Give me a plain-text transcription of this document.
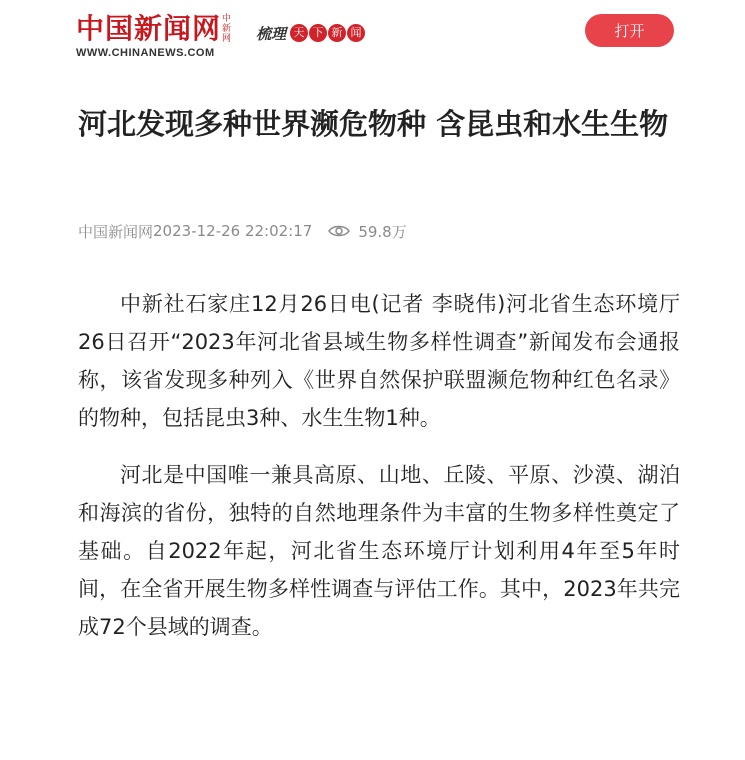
中国新闻网 中新网
WWW.CHINANEWS.COM
梳理 天 下 新 闻	打开
河北发现多种世界濒危物种 含昆虫和水生生物
中国新闻网 2023-12-26 22:02:17	59.8万

中新社石家庄12月26日电(记者 李晓伟)河北省生态环境厅26日召开“2023年河北省县域生物多样性调查”新闻发布会通报称，该省发现多种列入《世界自然保护联盟濒危物种红色名录》的物种，包括昆虫3种、水生生物1种。

河北是中国唯一兼具高原、山地、丘陵、平原、沙漠、湖泊和海滨的省份，独特的自然地理条件为丰富的生物多样性奠定了基础。自2022年起，河北省生态环境厅计划利用4年至5年时间，在全省开展生物多样性调查与评估工作。其中，2023年共完成72个县域的调查。
